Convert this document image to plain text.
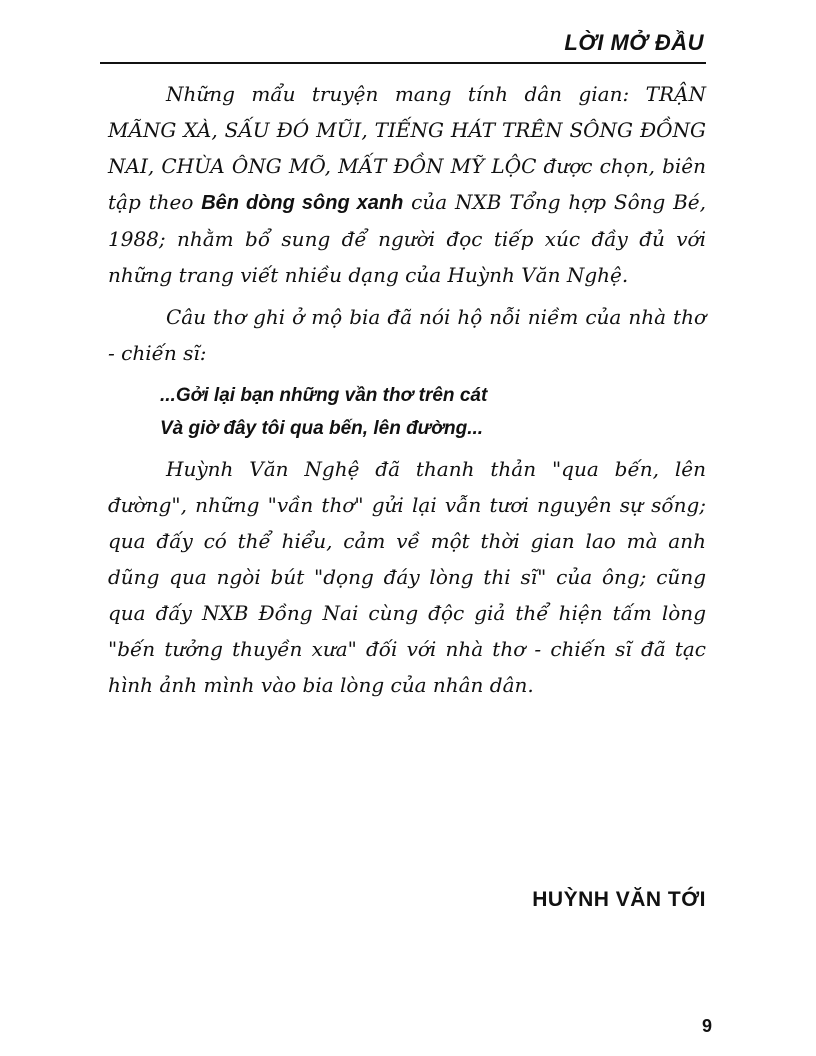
LỜI MỞ ĐẦU

Những mẩu truyện mang tính dân gian: TRẬN MÃNG XÀ, SẤU ĐÓ MŨI, TIẾNG HÁT TRÊN SÔNG ĐỒNG NAI, CHÙA ÔNG MÕ, MẤT ĐỒN MỸ LỘC được chọn, biên tập theo Bên dòng sông xanh của NXB Tổng hợp Sông Bé, 1988; nhằm bổ sung để người đọc tiếp xúc đầy đủ với những trang viết nhiều dạng của Huỳnh Văn Nghệ.

Câu thơ ghi ở mộ bia đã nói hộ nỗi niềm của nhà thơ - chiến sĩ:

...Gởi lại bạn những vần thơ trên cát
Và giờ đây tôi qua bến, lên đường...

Huỳnh Văn Nghệ đã thanh thản "qua bến, lên đường", những "vần thơ" gửi lại vẫn tươi nguyên sự sống; qua đấy có thể hiểu, cảm về một thời gian lao mà anh dũng qua ngòi bút "dọng đáy lòng thi sĩ" của ông; cũng qua đấy NXB Đồng Nai cùng độc giả thể hiện tấm lòng "bến tưởng thuyền xưa" đối với nhà thơ - chiến sĩ đã tạc hình ảnh mình vào bia lòng của nhân dân.

HUỲNH VĂN TỚI
9
